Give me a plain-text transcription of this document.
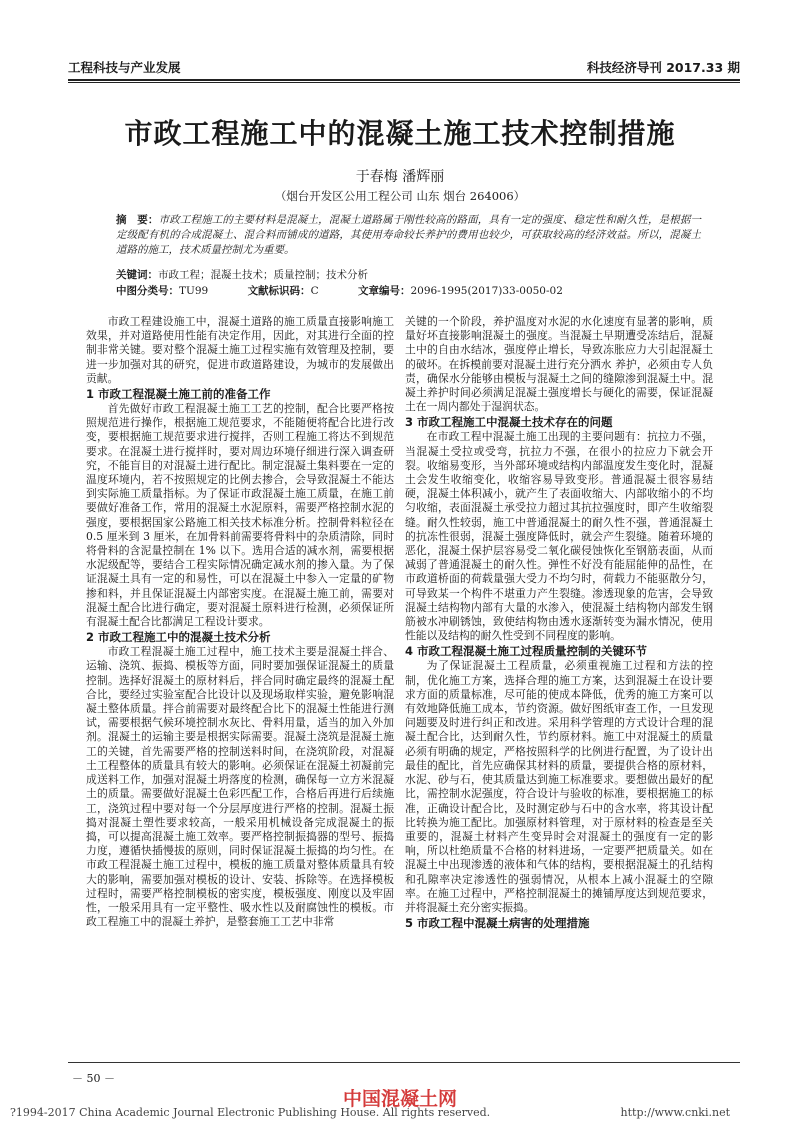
工程科技与产业发展	科技经济导刊 2017.33 期
市政工程施工中的混凝土施工技术控制措施
于春梅 潘辉丽
（烟台开发区公用工程公司 山东 烟台 264006）
摘　要：市政工程施工的主要材料是混凝土，混凝土道路属于刚性较高的路面，具有一定的强度、稳定性和耐久性，是根据一定级配有机的合成混凝土、混合料而铺成的道路，其使用寿命较长养护的费用也较少，可获取较高的经济效益。所以，混凝土道路的施工，技术质量控制尤为重要。
关键词：市政工程；混凝土技术；质量控制；技术分析
中图分类号：TU99	文献标识码：C	文章编号：2096-1995(2017)33-0050-02

市政工程建设施工中，混凝土道路的施工质量直接影响施工效果，并对道路使用性能有决定作用，因此，对其进行全面的控制非常关键。要对整个混凝土施工过程实施有效管理及控制，要进一步加强对其的研究，促进市政道路建设，为城市的发展做出贡献。

1 市政工程混凝土施工前的准备工作

首先做好市政工程混凝土施工工艺的控制，配合比要严格按照规范进行操作，根据施工规范要求，不能随便将配合比进行改变，要根据施工规范要求进行搅拌，否则工程施工将达不到规范要求。在混凝土进行搅拌时，要对周边环境仔细进行深入调查研究，不能盲目的对混凝土进行配比。制定混凝土集料要在一定的温度环境内，若不按照规定的比例去掺合，会导致混凝土不能达到实际施工质量指标。为了保证市政混凝土施工质量，在施工前要做好准备工作，常用的混凝土水泥原料，需要严格控制水泥的强度，要根据国家公路施工相关技术标准分析。控制骨料粒径在 0.5 厘米到 3 厘米，在加骨料前需要将骨料中的杂质清除，同时将骨料的含泥量控制在 1% 以下。选用合适的减水剂，需要根据水泥级配等，要结合工程实际情况确定减水剂的掺入量。为了保证混凝土具有一定的和易性，可以在混凝土中参入一定量的矿物掺和料，并且保证混凝土内部密实度。在混凝土施工前，需要对混凝土配合比进行确定，要对混凝土原料进行检测，必须保证所有混凝土配合比都满足工程设计要求。

2 市政工程施工中的混凝土技术分析

市政工程混凝土施工过程中，施工技术主要是混凝土拌合、运输、浇筑、振捣、模板等方面，同时要加强保证混凝土的质量控制。选择好混凝土的原材料后，拌合同时确定最终的混凝土配合比，要经过实验室配合比设计以及现场取样实验，避免影响混凝土整体质量。拌合前需要对最终配合比下的混凝土性能进行测试，需要根据气候环境控制水灰比、骨料用量，适当的加入外加剂。混凝土的运输主要是根据实际需要。混凝土浇筑是混凝土施工的关键，首先需要严格的控制送料时间，在浇筑阶段，对混凝土工程整体的质量具有较大的影响。必须保证在混凝土初凝前完成送料工作，加强对混凝土坍落度的检测，确保每一立方米混凝土的质量。需要做好混凝土色彩匹配工作，合格后再进行后续施工，浇筑过程中要对每一个分层厚度进行严格的控制。混凝土振捣对混凝土塑性要求较高，一般采用机械设备完成混凝土的振捣，可以提高混凝土施工效率。要严格控制振捣器的型号、振捣力度，遵循快插慢拔的原则，同时保证混凝土振捣的均匀性。在市政工程混凝土施工过程中，模板的施工质量对整体质量具有较大的影响，需要加强对模板的设计、安装、拆除等。在选择模板过程时，需要严格控制模板的密实度，模板强度、刚度以及牢固性，一般采用具有一定平整性、吸水性以及耐腐蚀性的模板。市政工程施工中的混凝土养护，是整套施工工艺中非常

关键的一个阶段，养护温度对水泥的水化速度有显著的影响，质量好坏直接影响混凝土的强度。当混凝土早期遭受冻结后，混凝土中的自由水结冰，强度停止增长，导致冻胀应力大引起混凝土的破坏。在拆模前要对混凝土进行充分洒水 养护，必须由专人负责，确保水分能够由模板与混凝土之间的缝隙渗到混凝土中。混凝土养护时间必须满足混凝土强度增长与硬化的需要，保证混凝土在一周内都处于湿润状态。

3 市政工程施工中混凝土技术存在的问题

在市政工程中混凝土施工出现的主要问题有：抗拉力不强，当混凝土受拉或受弯，抗拉力不强，在很小的拉应力下就会开裂。收缩易变形，当外部环境或结构内部温度发生变化时，混凝土会发生收缩变化，收缩容易导致变形。普通混凝土很容易结硬，混凝土体积减小，就产生了表面收缩大、内部收缩小的不均匀收缩，表面混凝土承受拉力超过其抗拉强度时，即产生收缩裂缝。耐久性较弱，施工中普通混凝土的耐久性不强，普通混凝土的抗冻性很弱，混凝土强度降低时，就会产生裂缝。随着环境的恶化，混凝土保护层容易受二氧化碳侵蚀恢化至钢筋表面，从而减弱了普通混凝土的耐久性。弹性不好没有能屈能伸的品性，在市政道桥面的荷载量强大受力不均匀时，荷载力不能驱散分匀，可导致某一个构件不堪重力产生裂缝。渗透现象的危害，会导致混凝土结构物内部有大量的水渗入，使混凝土结构物内部发生钢筋被水冲刷锈蚀，致使结构物由透水逐渐转变为漏水情况，使用性能以及结构的耐久性受到不同程度的影响。

4 市政工程混凝土施工过程质量控制的关键环节

为了保证混凝土工程质量，必须重视施工过程和方法的控制，优化施工方案，选择合理的施工方案，达到混凝土在设计要求方面的质量标准，尽可能的使成本降低，优秀的施工方案可以有效地降低施工成本，节约资源。做好图纸审查工作，一旦发现问题要及时进行纠正和改进。采用科学管理的方式设计合理的混凝土配合比，达到耐久性，节约原材料。施工中对混凝土的质量必须有明确的规定，严格按照科学的比例进行配置，为了设计出最佳的配比，首先应确保其材料的质量，要提供合格的原材料，水泥、砂与石，使其质量达到施工标准要求。要想做出最好的配比，需控制水泥强度，符合设计与验收的标准，要根据施工的标准，正确设计配合比，及时测定砂与石中的含水率，将其设计配比转换为施工配比。加强原材料管理，对于原材料的检查是至关重要的，混凝土材料产生变异时会对混凝土的强度有一定的影响，所以杜绝质量不合格的材料进场，一定要严把质量关。如在混凝土中出现渗透的液体和气体的结构，要根据混凝土的孔结构和孔隙率决定渗透性的强弱情况，从根本上减小混凝土的空隙率。在施工过程中，严格控制混凝土的摊铺厚度达到规范要求，并将混凝土充分密实振捣。

5 市政工程中混凝土病害的处理措施
－ 50 －
中国混凝土网
?1994-2017 China Academic Journal Electronic Publishing House. All rights reserved.	http://www.cnki.net
